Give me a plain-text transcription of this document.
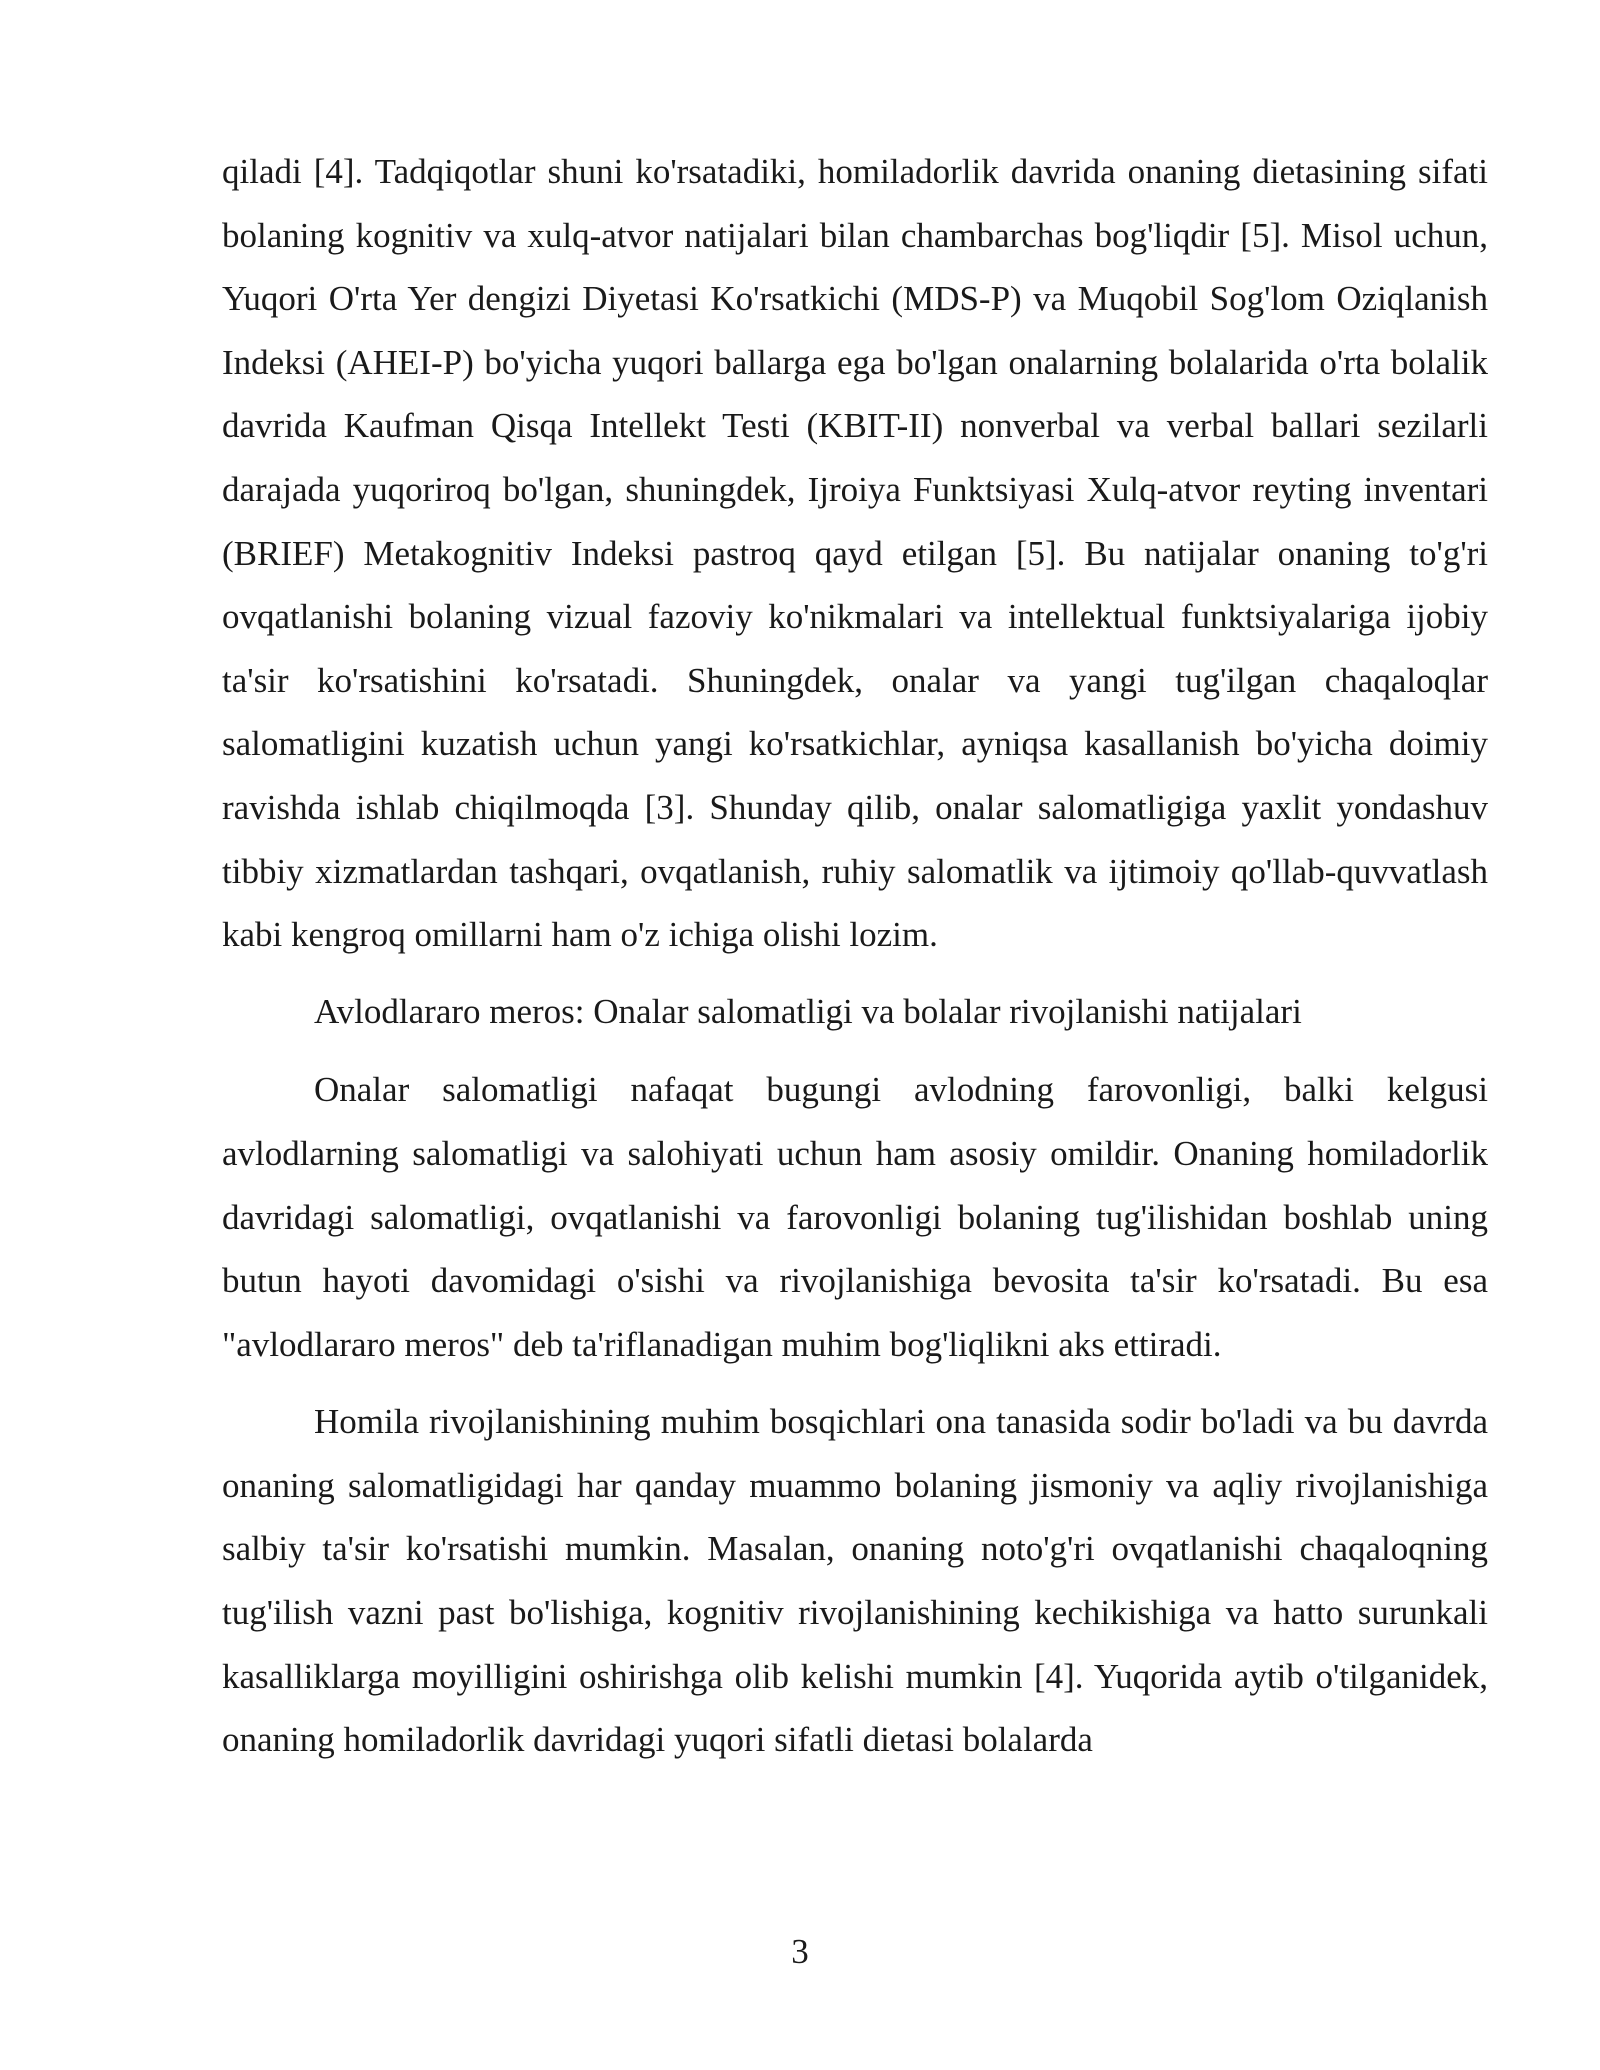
qiladi [4]. Tadqiqotlar shuni ko'rsatadiki, homiladorlik davrida onaning dietasining sifati bolaning kognitiv va xulq-atvor natijalari bilan chambarchas bog'liqdir [5]. Misol uchun, Yuqori O'rta Yer dengizi Diyetasi Ko'rsatkichi (MDS-P) va Muqobil Sog'lom Oziqlanish Indeksi (AHEI-P) bo'yicha yuqori ballarga ega bo'lgan onalarning bolalarida o'rta bolalik davrida Kaufman Qisqa Intellekt Testi (KBIT-II) nonverbal va verbal ballari sezilarli darajada yuqoriroq bo'lgan, shuningdek, Ijroiya Funktsiyasi Xulq-atvor reyting inventari (BRIEF) Metakognitiv Indeksi pastroq qayd etilgan [5]. Bu natijalar onaning to'g'ri ovqatlanishi bolaning vizual fazoviy ko'nikmalari va intellektual funktsiyalariga ijobiy ta'sir ko'rsatishini ko'rsatadi. Shuningdek, onalar va yangi tug'ilgan chaqaloqlar salomatligini kuzatish uchun yangi ko'rsatkichlar, ayniqsa kasallanish bo'yicha doimiy ravishda ishlab chiqilmoqda [3]. Shunday qilib, onalar salomatligiga yaxlit yondashuv tibbiy xizmatlardan tashqari, ovqatlanish, ruhiy salomatlik va ijtimoiy qo'llab-quvvatlash kabi kengroq omillarni ham o'z ichiga olishi lozim.

Avlodlararo meros: Onalar salomatligi va bolalar rivojlanishi natijalari

Onalar salomatligi nafaqat bugungi avlodning farovonligi, balki kelgusi avlodlarning salomatligi va salohiyati uchun ham asosiy omildir. Onaning homiladorlik davridagi salomatligi, ovqatlanishi va farovonligi bolaning tug'ilishidan boshlab uning butun hayoti davomidagi o'sishi va rivojlanishiga bevosita ta'sir ko'rsatadi. Bu esa "avlodlararo meros" deb ta'riflanadigan muhim bog'liqlikni aks ettiradi.

Homila rivojlanishining muhim bosqichlari ona tanasida sodir bo'ladi va bu davrda onaning salomatligidagi har qanday muammo bolaning jismoniy va aqliy rivojlanishiga salbiy ta'sir ko'rsatishi mumkin. Masalan, onaning noto'g'ri ovqatlanishi chaqaloqning tug'ilish vazni past bo'lishiga, kognitiv rivojlanishining kechikishiga va hatto surunkali kasalliklarga moyilligini oshirishga olib kelishi mumkin [4]. Yuqorida aytib o'tilganidek, onaning homiladorlik davridagi yuqori sifatli dietasi bolalarda

3
